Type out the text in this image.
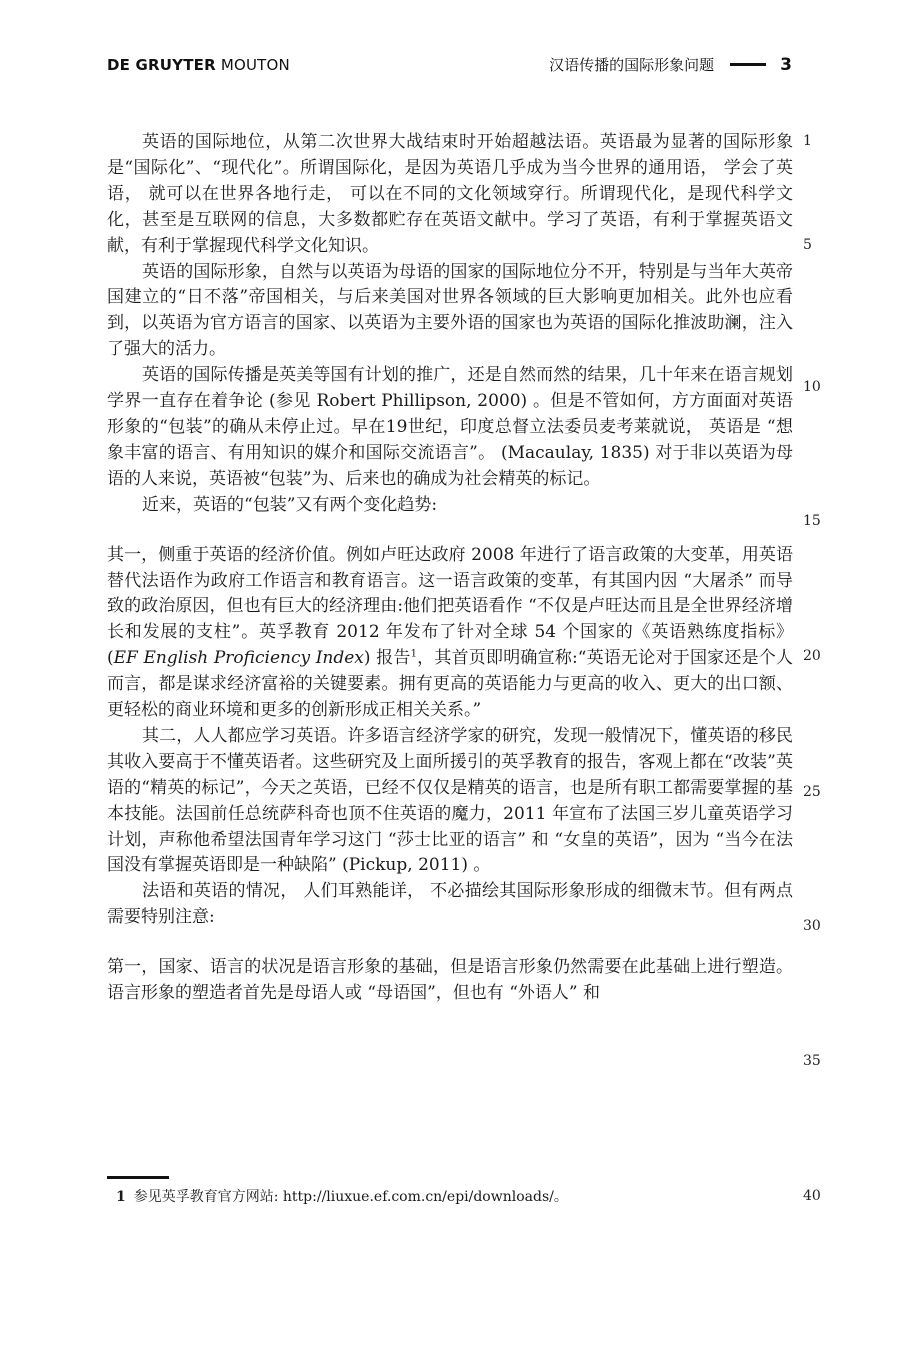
DE GRUYTER MOUTON	汉语传播的国际形象问题	3

英语的国际地位，从第二次世界大战结束时开始超越法语。英语最为显著的国际形象是“国际化”、“现代化”。所谓国际化，是因为英语几乎成为当今世界的通用语， 学会了英语， 就可以在世界各地行走， 可以在不同的文化领域穿行。所谓现代化，是现代科学文化，甚至是互联网的信息，大多数都贮存在英语文献中。学习了英语，有利于掌握英语文献，有利于掌握现代科学文化知识。

英语的国际形象，自然与以英语为母语的国家的国际地位分不开，特别是与当年大英帝国建立的“日不落”帝国相关，与后来美国对世界各领域的巨大影响更加相关。此外也应看到，以英语为官方语言的国家、以英语为主要外语的国家也为英语的国际化推波助澜，注入了强大的活力。

英语的国际传播是英美等国有计划的推广，还是自然而然的结果，几十年来在语言规划学界一直存在着争论 (参见 Robert Phillipson, 2000) 。但是不管如何，方方面面对英语形象的“包装”的确从未停止过。早在19世纪，印度总督立法委员麦考莱就说， 英语是 “想象丰富的语言、有用知识的媒介和国际交流语言”。 (Macaulay, 1835) 对于非以英语为母语的人来说，英语被“包装”为、后来也的确成为社会精英的标记。

近来，英语的“包装”又有两个变化趋势:

其一，侧重于英语的经济价值。例如卢旺达政府 2008 年进行了语言政策的大变革，用英语替代法语作为政府工作语言和教育语言。这一语言政策的变革，有其国内因 “大屠杀” 而导致的政治原因，但也有巨大的经济理由:他们把英语看作 “不仅是卢旺达而且是全世界经济增长和发展的支柱”。英孚教育 2012 年发布了针对全球 54 个国家的《英语熟练度指标》 (EF English Proficiency Index) 报告$^1$，其首页即明确宣称:“英语无论对于国家还是个人而言，都是谋求经济富裕的关键要素。拥有更高的英语能力与更高的收入、更大的出口额、更轻松的商业环境和更多的创新形成正相关关系。”

其二，人人都应学习英语。许多语言经济学家的研究，发现一般情况下，懂英语的移民其收入要高于不懂英语者。这些研究及上面所援引的英孚教育的报告，客观上都在“改装”英语的“精英的标记”，今天之英语，已经不仅仅是精英的语言，也是所有职工都需要掌握的基本技能。法国前任总统萨科奇也顶不住英语的魔力，2011 年宣布了法国三岁儿童英语学习计划，声称他希望法国青年学习这门 “莎士比亚的语言” 和 “女皇的英语”，因为 “当今在法国没有掌握英语即是一种缺陷” (Pickup, 2011) 。

法语和英语的情况， 人们耳熟能详， 不必描绘其国际形象形成的细微末节。但有两点需要特别注意:

第一，国家、语言的状况是语言形象的基础，但是语言形象仍然需要在此基础上进行塑造。语言形象的塑造者首先是母语人或 “母语国”，但也有 “外语人” 和

1
5
10
15
20
25
30
35
40
1 参见英孚教育官方网站: http://liuxue.ef.com.cn/epi/downloads/。
